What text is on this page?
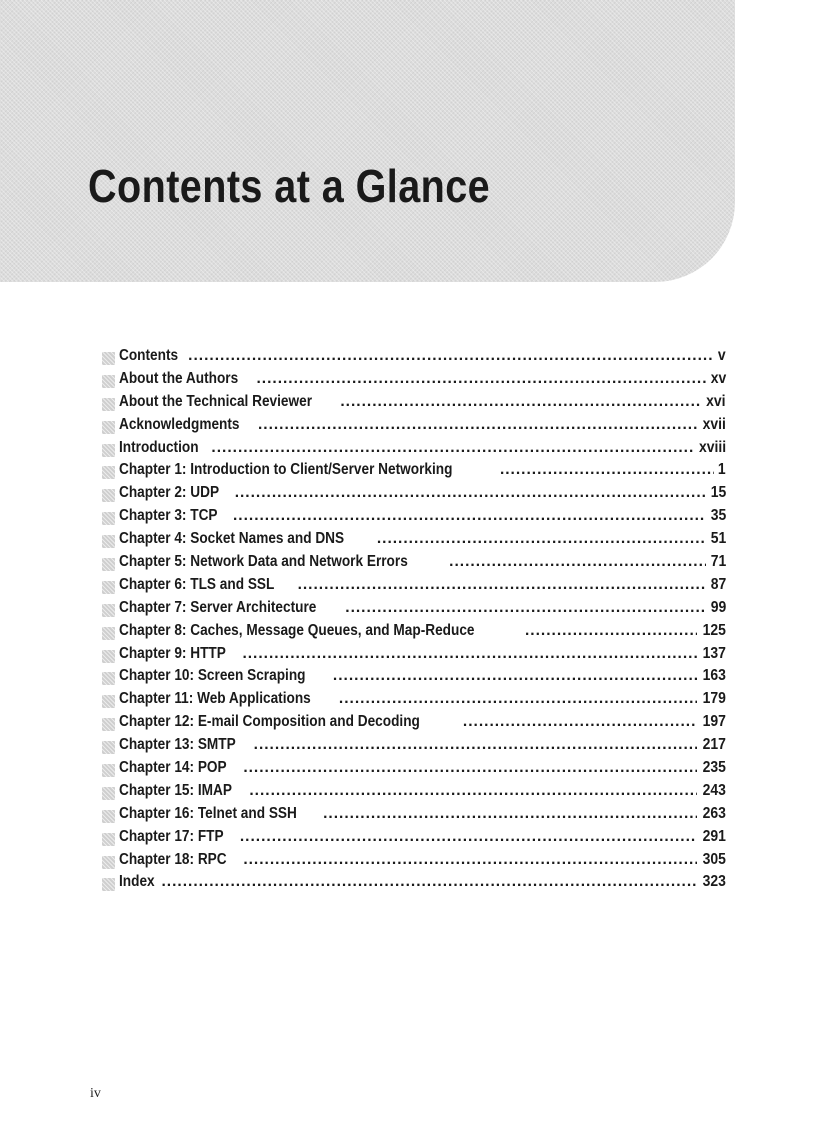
Contents at a Glance
Contents .....	v
About the Authors .....	xv
About the Technical Reviewer .....	xvi
Acknowledgments .....	xvii
Introduction .....	xviii
Chapter 1: Introduction to Client/Server Networking .....	1
Chapter 2: UDP .....	15
Chapter 3: TCP .....	35
Chapter 4: Socket Names and DNS .....	51
Chapter 5: Network Data and Network Errors .....	71
Chapter 6: TLS and SSL .....	87
Chapter 7: Server Architecture .....	99
Chapter 8: Caches, Message Queues, and Map-Reduce .....	125
Chapter 9: HTTP .....	137
Chapter 10: Screen Scraping .....	163
Chapter 11: Web Applications .....	179
Chapter 12: E-mail Composition and Decoding .....	197
Chapter 13: SMTP .....	217
Chapter 14: POP .....	235
Chapter 15: IMAP .....	243
Chapter 16: Telnet and SSH .....	263
Chapter 17: FTP .....	291
Chapter 18: RPC .....	305
Index .....	323
iv
